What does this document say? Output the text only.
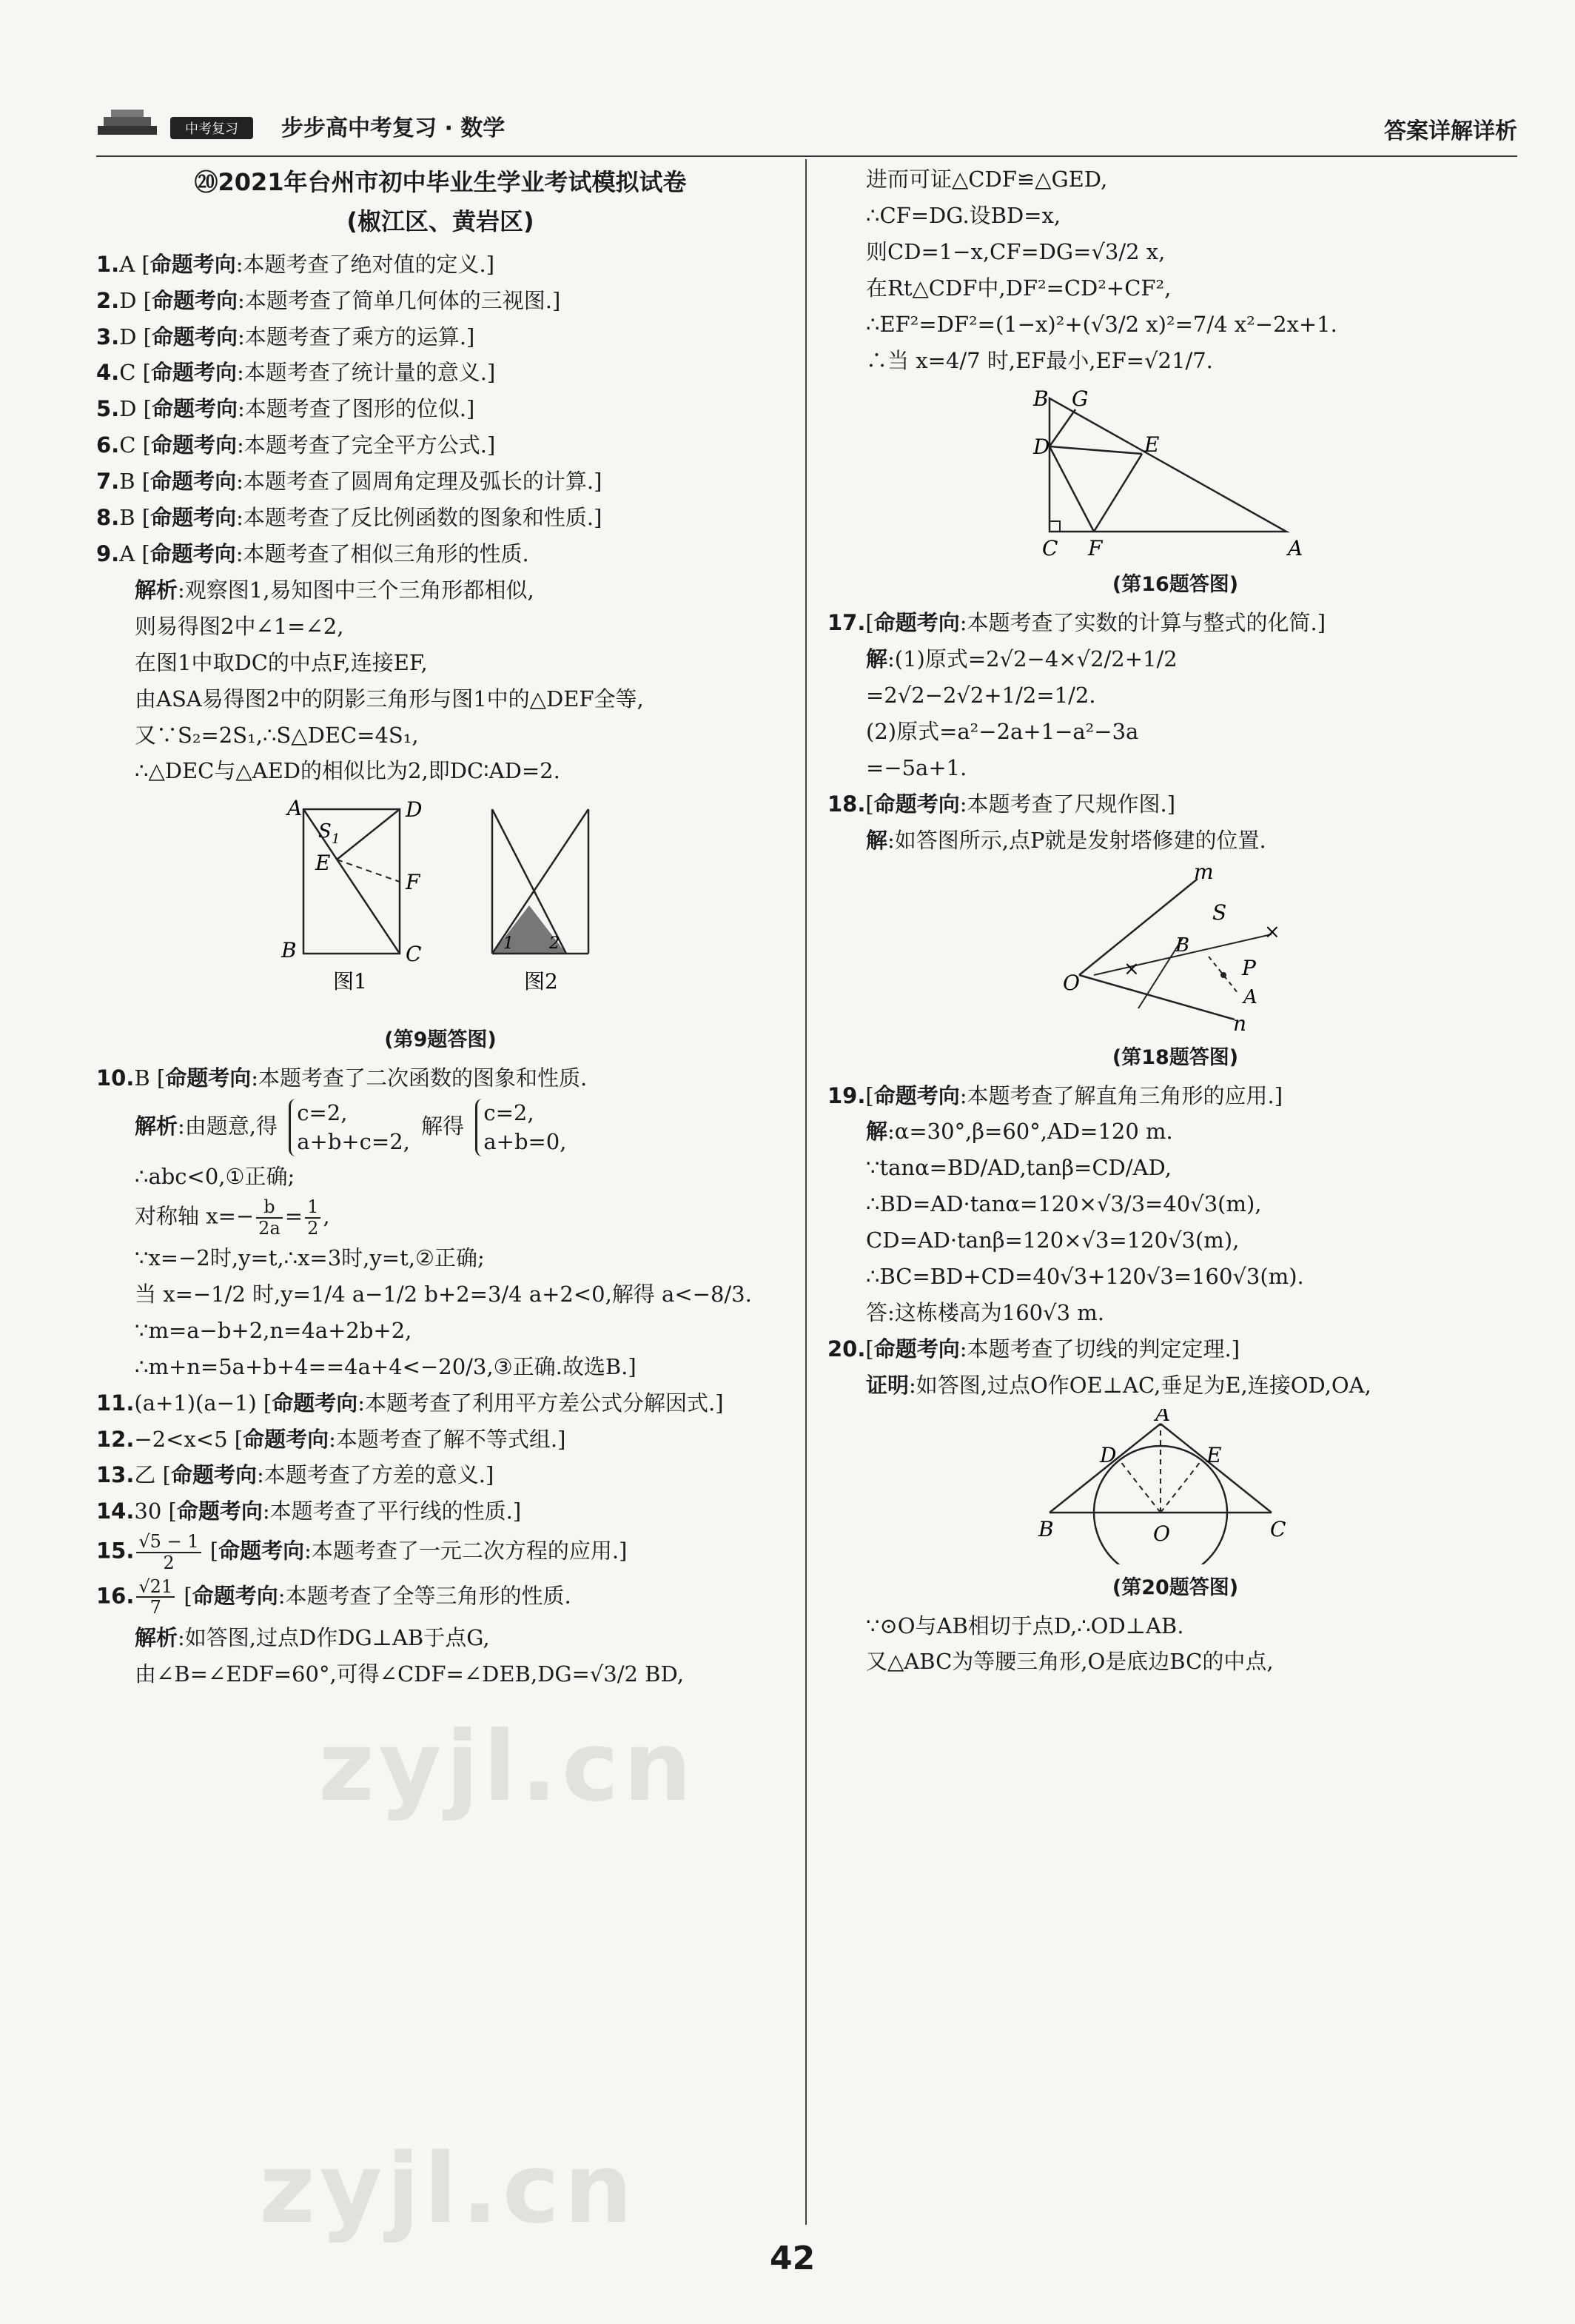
中考复习 步步高中考复习 · 数学	答案详解详析
⑳2021年台州市初中毕业生学业考试模拟试卷
(椒江区、黄岩区)
1.A [命题考向:本题考查了绝对值的定义.]
2.D [命题考向:本题考查了简单几何体的三视图.]
3.D [命题考向:本题考查了乘方的运算.]
4.C [命题考向:本题考查了统计量的意义.]
5.D [命题考向:本题考查了图形的位似.]
6.C [命题考向:本题考查了完全平方公式.]
7.B [命题考向:本题考查了圆周角定理及弧长的计算.]
8.B [命题考向:本题考查了反比例函数的图象和性质.]
9.A [命题考向:本题考查了相似三角形的性质.
解析:观察图1,易知图中三个三角形都相似,
则易得图2中∠1=∠2,
在图1中取DC的中点F,连接EF,
由ASA易得图2中的阴影三角形与图1中的△DEF全等,
又∵S₂=2S₁,∴S△DEC=4S₁,
∴△DEC与△AED的相似比为2,即DC∶AD=2.
A	D
S 1
E
F
B	C	1 2
图1	图2
(第9题答图)
10.B [命题考向:本题考查了二次函数的图象和性质.
解析:由题意,得 c=2,
a+b+c=2, 解得 c=2,
a+b=0,
∴abc<0,①正确;
对称轴 $x=- \frac{b}{2a} = \frac{1}{2}$ ,
∵x=−2时,y=t,∴x=3时,y=t,②正确;
当 x=−1/2 时,y=1/4 a−1/2 b+2=3/4 a+2<0,解得 a<−8/3.
∵m=a−b+2,n=4a+2b+2,
∴m+n=5a+b+4==4a+4<−20/3,③正确.故选B.]
11.(a+1)(a−1) [命题考向:本题考查了利用平方差公式分解因式.]
12.−2<x<5 [命题考向:本题考查了解不等式组.]
13.乙 [命题考向:本题考查了方差的意义.]
14.30 [命题考向:本题考查了平行线的性质.]
15. $\frac{√5 - 1}{2}$ [命题考向:本题考查了一元二次方程的应用.]
16. $\frac{√21}{7}$ [命题考向:本题考查了全等三角形的性质.
解析:如答图,过点D作DG⊥AB于点G,
由∠B=∠EDF=60°,可得∠CDF=∠DEB,DG=√3/2 BD,
进而可证△CDF≌△GED,
∴CF=DG.设BD=x,
则CD=1−x,CF=DG=√3/2 x,
在Rt△CDF中,DF²=CD²+CF²,
∴EF²=DF²=(1−x)²+(√3/2 x)²=7/4 x²−2x+1.
∴当 x=4/7 时,EF最小,EF=√21/7.
B G
D	E
C F	A
(第16题答图)
17.[命题考向:本题考查了实数的计算与整式的化简.]
解:(1)原式=2√2−4×√2/2+1/2
=2√2−2√2+1/2=1/2.
(2)原式=a²−2a+1−a²−3a
=−5a+1.
18.[命题考向:本题考查了尺规作图.]
解:如答图所示,点P就是发射塔修建的位置.
m
S
B
P
A
O
n
×
×
(第18题答图)
19.[命题考向:本题考查了解直角三角形的应用.]
解:α=30°,β=60°,AD=120 m.
∵tanα=BD/AD,tanβ=CD/AD,
∴BD=AD·tanα=120×√3/3=40√3(m),
CD=AD·tanβ=120×√3=120√3(m),
∴BC=BD+CD=40√3+120√3=160√3(m).
答:这栋楼高为160√3 m.
20.[命题考向:本题考查了切线的判定定理.]
证明:如答图,过点O作OE⊥AC,垂足为E,连接OD,OA,
A
D	E
B	O	C
(第20题答图)
∵⊙O与AB相切于点D,∴OD⊥AB.
又△ABC为等腰三角形,O是底边BC的中点,
zyjl.cn
zyjl.cn
42
